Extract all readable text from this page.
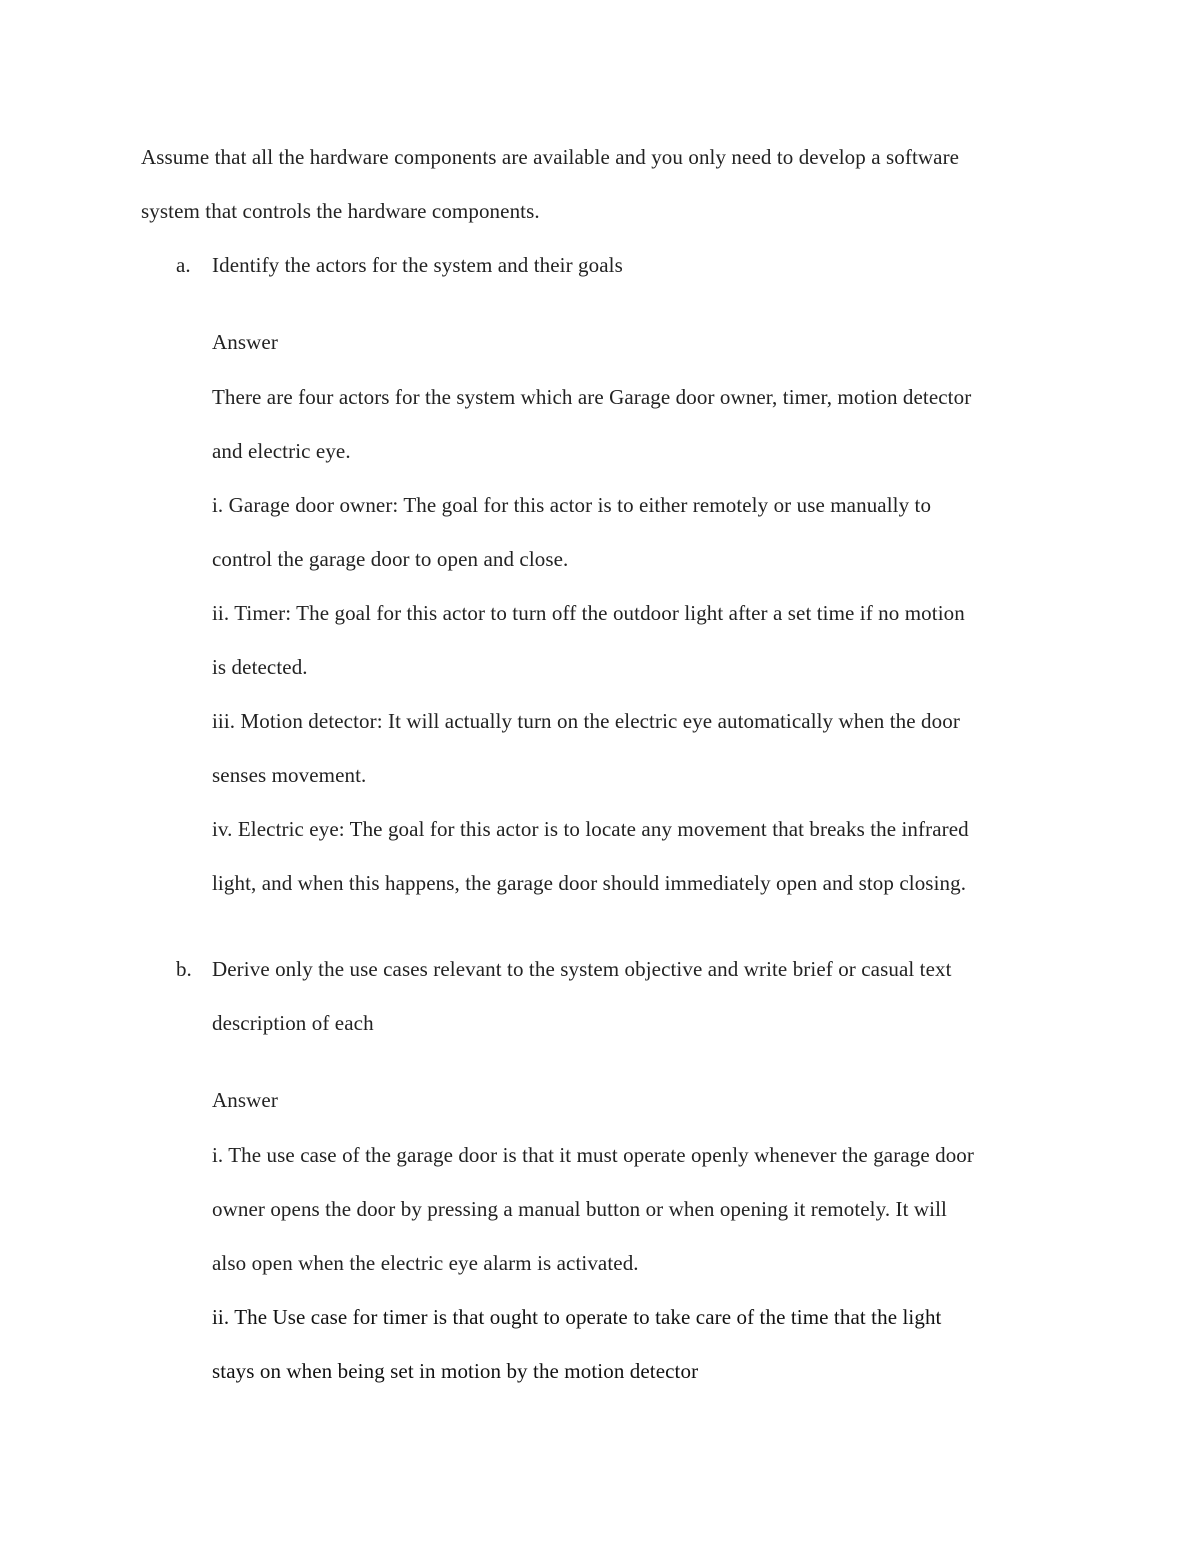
Assume that all the hardware components are available and you only need to develop a software
system that controls the hardware components.
a. Identify the actors for the system and their goals
Answer
There are four actors for the system which are Garage door owner, timer, motion detector
and electric eye.
i. Garage door owner: The goal for this actor is to either remotely or use manually to
control the garage door to open and close.
ii. Timer: The goal for this actor to turn off the outdoor light after a set time if no motion
is detected.
iii. Motion detector: It will actually turn on the electric eye automatically when the door
senses movement.
iv. Electric eye: The goal for this actor is to locate any movement that breaks the infrared
light, and when this happens, the garage door should immediately open and stop closing.
b. Derive only the use cases relevant to the system objective and write brief or casual text
description of each
Answer
i. The use case of the garage door is that it must operate openly whenever the garage door
owner opens the door by pressing a manual button or when opening it remotely. It will
also open when the electric eye alarm is activated.
ii. The Use case for timer is that ought to operate to take care of the time that the light
stays on when being set in motion by the motion detector
